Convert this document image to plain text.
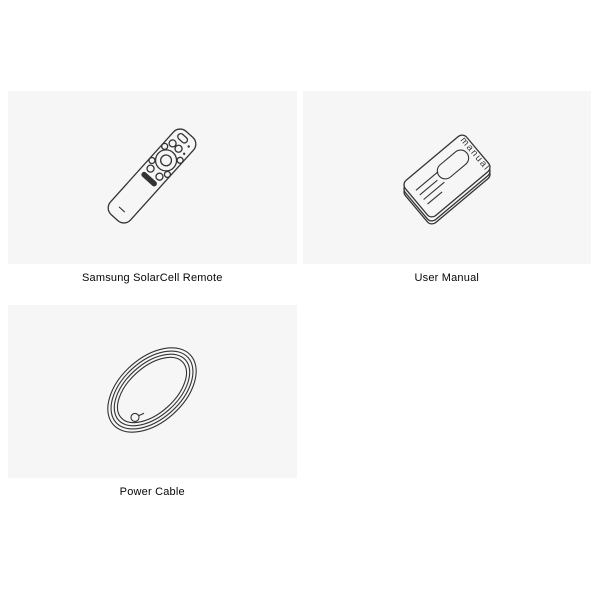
Samsung SolarCell Remote
manual
User Manual
Power Cable
